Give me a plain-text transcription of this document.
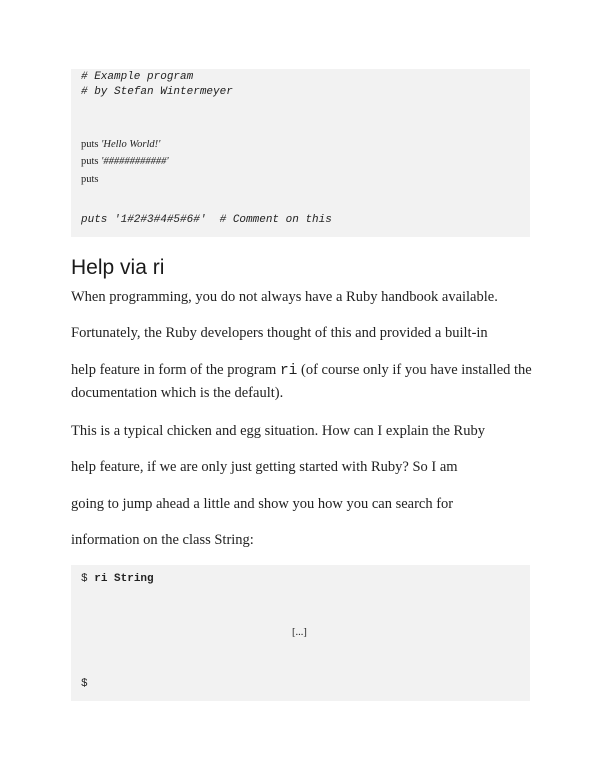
# Example program
# by Stefan Wintermeyer
puts 'Hello World!'
puts '############'
puts
puts '1#2#3#4#5#6#' # Comment on this
Help via ri
When programming, you do not always have a Ruby handbook available.
Fortunately, the Ruby developers thought of this and provided a built-in
help feature in form of the program ri (of course only if you have installed the documentation which is the default).
This is a typical chicken and egg situation. How can I explain the Ruby
help feature, if we are only just getting started with Ruby? So I am
going to jump ahead a little and show you how you can search for
information on the class String:
$ ri String
[...]
$
